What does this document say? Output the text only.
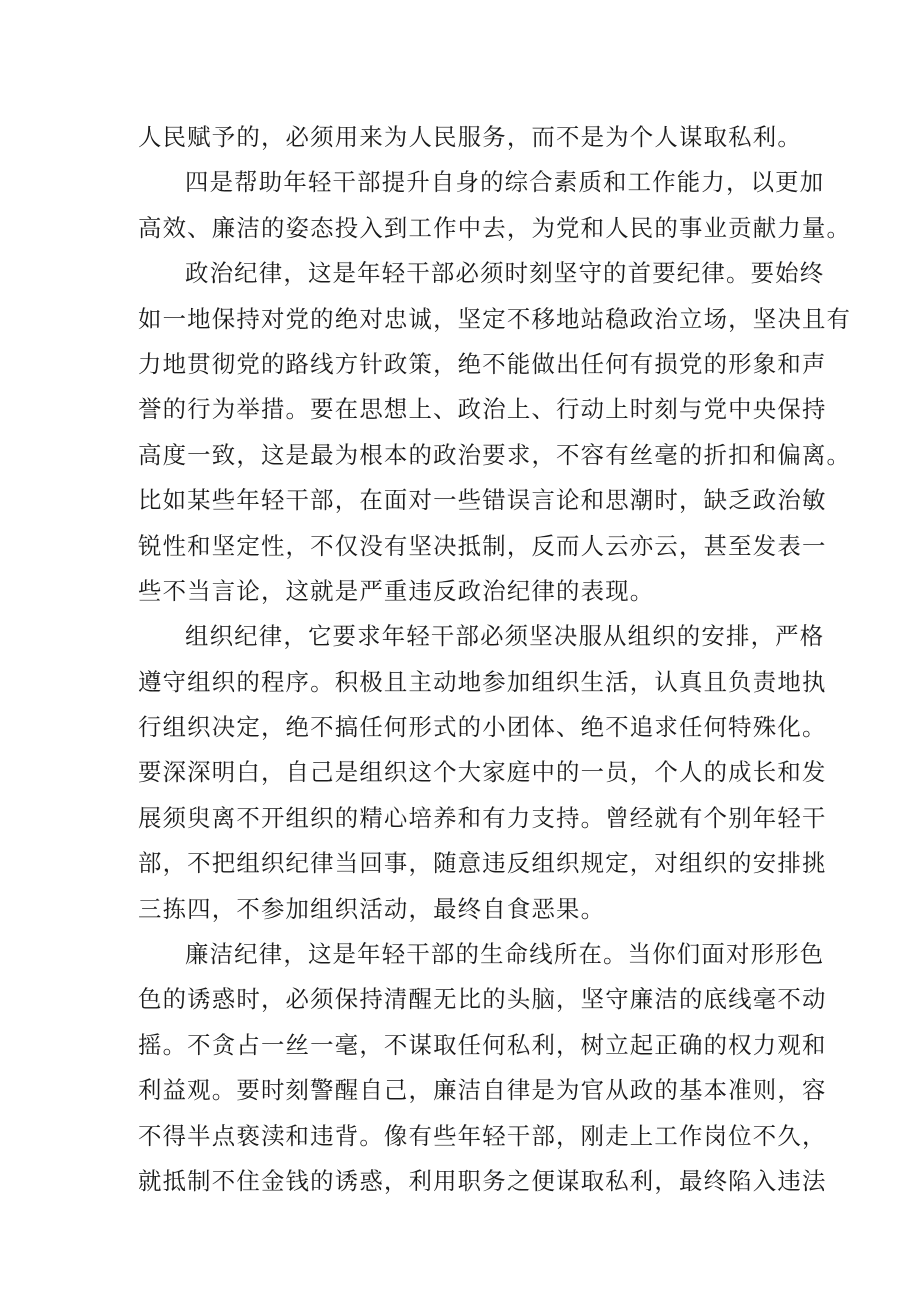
人民赋予的，必须用来为人民服务，而不是为个人谋取私利。
四是帮助年轻干部提升自身的综合素质和工作能力，以更加
高效、廉洁的姿态投入到工作中去，为党和人民的事业贡献力量。
政治纪律，这是年轻干部必须时刻坚守的首要纪律。要始终
如一地保持对党的绝对忠诚，坚定不移地站稳政治立场，坚决且有
力地贯彻党的路线方针政策，绝不能做出任何有损党的形象和声
誉的行为举措。要在思想上、政治上、行动上时刻与党中央保持
高度一致，这是最为根本的政治要求，不容有丝毫的折扣和偏离。
比如某些年轻干部，在面对一些错误言论和思潮时，缺乏政治敏
锐性和坚定性，不仅没有坚决抵制，反而人云亦云，甚至发表一
些不当言论，这就是严重违反政治纪律的表现。
组织纪律，它要求年轻干部必须坚决服从组织的安排，严格
遵守组织的程序。积极且主动地参加组织生活，认真且负责地执
行组织决定，绝不搞任何形式的小团体、绝不追求任何特殊化。
要深深明白，自己是组织这个大家庭中的一员，个人的成长和发
展须臾离不开组织的精心培养和有力支持。曾经就有个别年轻干
部，不把组织纪律当回事，随意违反组织规定，对组织的安排挑
三拣四，不参加组织活动，最终自食恶果。
廉洁纪律，这是年轻干部的生命线所在。当你们面对形形色
色的诱惑时，必须保持清醒无比的头脑，坚守廉洁的底线毫不动
摇。不贪占一丝一毫，不谋取任何私利，树立起正确的权力观和
利益观。要时刻警醒自己，廉洁自律是为官从政的基本准则，容
不得半点亵渎和违背。像有些年轻干部，刚走上工作岗位不久，
就抵制不住金钱的诱惑，利用职务之便谋取私利，最终陷入违法
